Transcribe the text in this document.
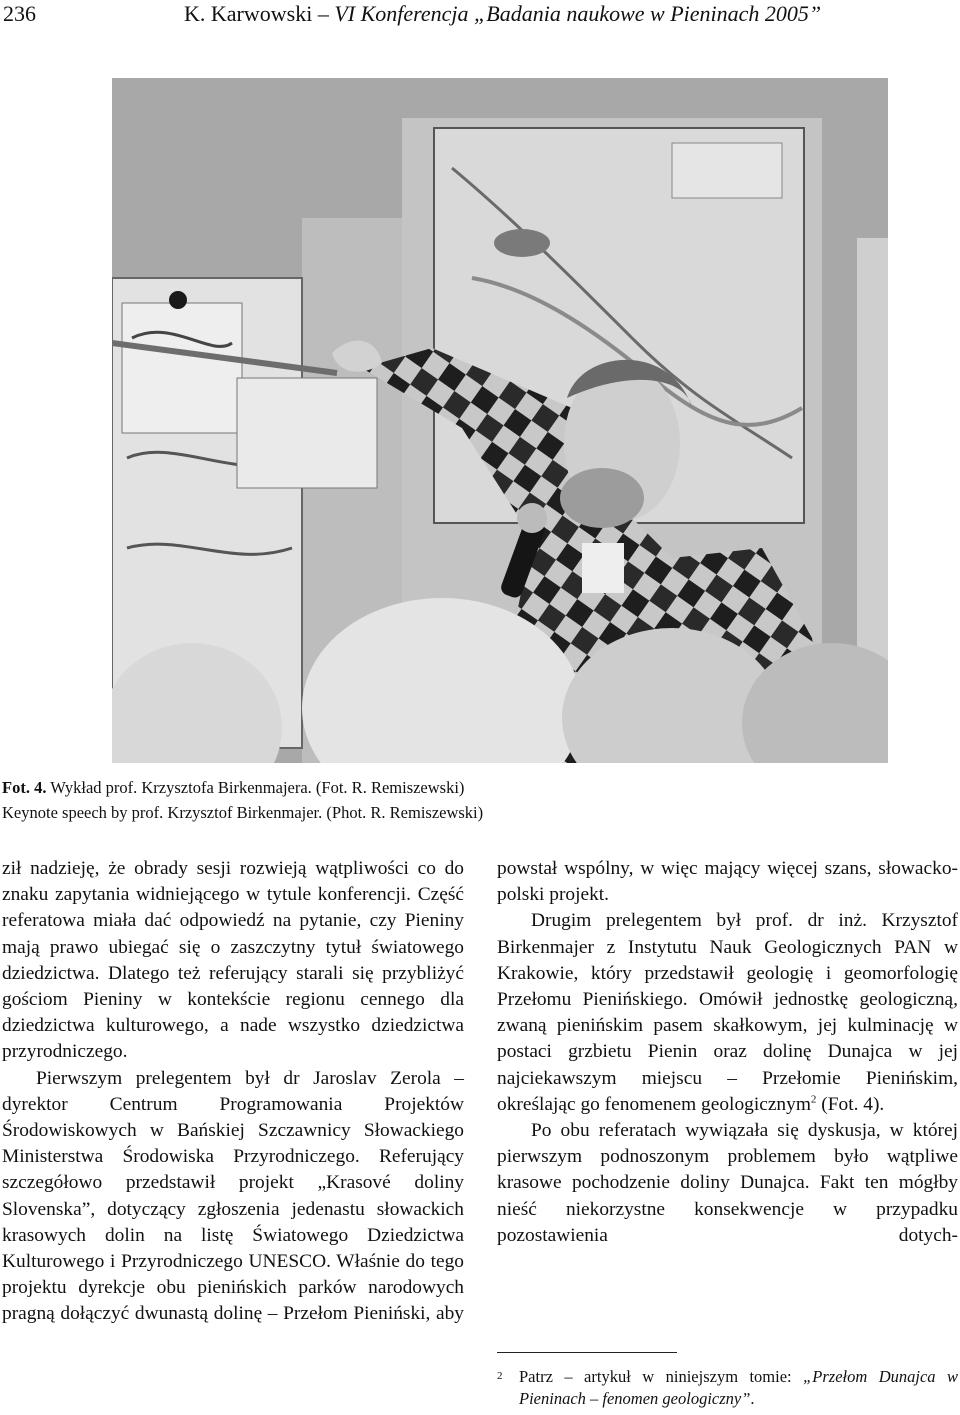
236	K. Karwowski – VI Konferencja „Badania naukowe w Pieninach 2005”
Fot. 4. Wykład prof. Krzysztofa Birkenmajera. (Fot. R. Remiszewski)
Keynote speech by prof. Krzysztof Birkenmajer. (Phot. R. Remiszewski)

ził nadzieję, że obrady sesji rozwieją wątpliwości co do znaku zapytania widniejącego w tytule konferencji. Część referatowa miała dać odpowiedź na pytanie, czy Pieniny mają prawo ubiegać się o zaszczytny tytuł światowego dziedzictwa. Dlatego też referujący starali się przybliżyć gościom Pieniny w kontekście regionu cennego dla dziedzictwa kulturowego, a nade wszystko dziedzictwa przyrodniczego.

Pierwszym prelegentem był dr Jaroslav Zerola – dyrektor Centrum Programowania Projektów Środowiskowych w Bańskiej Szczawnicy Słowackiego Ministerstwa Środowiska Przyrodniczego. Referujący szczegółowo przedstawił projekt „Krasové doliny Slovenska”, dotyczący zgłoszenia jedenastu słowackich krasowych dolin na listę Światowego Dziedzictwa Kulturowego i Przyrodniczego UNESCO. Właśnie do tego projektu dyrekcje obu pienińskich parków narodowych pragną dołączyć dwunastą dolinę – Przełom Pieniński, aby

powstał wspólny, w więc mający więcej szans, słowacko-polski projekt.

Drugim prelegentem był prof. dr inż. Krzysztof Birkenmajer z Instytutu Nauk Geologicznych PAN w Krakowie, który przedstawił geologię i geomorfologię Przełomu Pienińskiego. Omówił jednostkę geologiczną, zwaną pienińskim pasem skałkowym, jej kulminację w postaci grzbietu Pienin oraz dolinę Dunajca w jej najciekawszym miejscu – Przełomie Pienińskim, określając go fenomenem geologicznym$^2$ (Fot. 4).

Po obu referatach wywiązała się dyskusja, w której pierwszym podnoszonym problemem było wątpliwe krasowe pochodzenie doliny Dunajca. Fakt ten mógłby nieść niekorzystne konsekwencje w przypadku pozostawienia dotych-

2	Patrz – artykuł w niniejszym tomie: „Przełom Dunajca w Pieninach – fenomen geologiczny”.
